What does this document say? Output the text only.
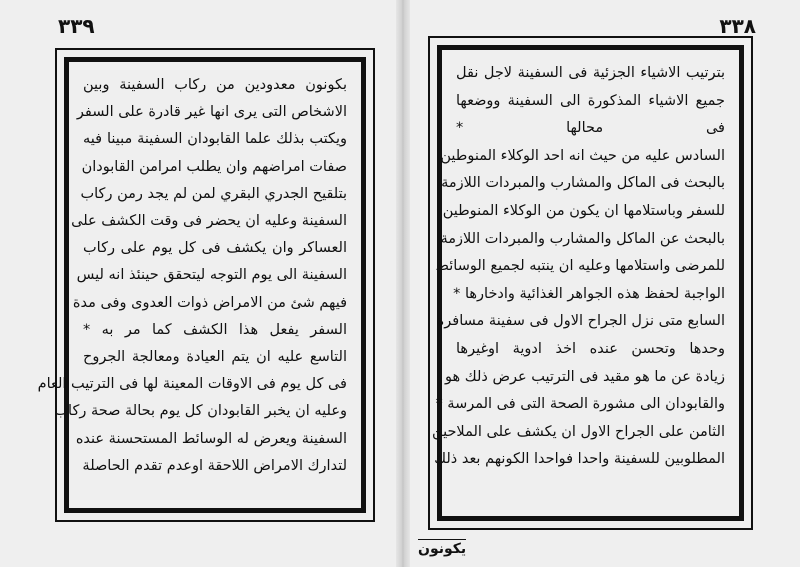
٣٣٩
بكونون معدودين من ركاب السفينة وبين
الاشخاص التى يرى انها غير قادرة على السفر
ويكتب بذلك علما القابودان السفينة مبينا فيه
صفات امراضهم وان يطلب امرامن القابودان
بتلقيح الجدري البقري لمن لم يجد رمن ركاب
السفينة وعليه ان يحضر فى وقت الكشف على
العساكر وان يكشف فى كل يوم على ركاب
السفينة الى يوم التوجه ليتحقق حينئذ انه ليس
فيهم شئ من الامراض ذوات العدوى وفى مدة
السفر يفعل هذا الكشف كما مر به *
التاسع عليه ان يتم العيادة ومعالجة الجروح
فى كل يوم فى الاوقات المعينة لها فى الترتيب العام
وعليه ان يخبر القابودان كل يوم بحالة صحة ركاب
السفينة ويعرض له الوسائط المستحسنة عنده
لتدارك الامراض اللاحقة اوعدم تقدم الحاصلة
٣٣٨
بترتيب الاشياء الجزئية فى السفينة لاجل نقل
جميع الاشياء المذكورة الى السفينة ووضعها
فى محالها *
السادس عليه من حيث انه احد الوكلاء المنوطين
بالبحث فى الماكل والمشارب والمبردات اللازمة
للسفر وباستلامها ان يكون من الوكلاء المنوطين
بالبحث عن الماكل والمشارب والمبردات اللازمة
للمرضى واستلامها وعليه ان ينتبه لجميع الوسائط
الواجبة لحفظ هذه الجواهر الغذائية وادخارها *
السابع متى نزل الجراح الاول فى سفينة مسافرة
وحدها وتحسن عنده اخذ ادوية اوغيرها
زيادة عن ما هو مقيد فى الترتيب عرض ذلك هو
والقابودان الى مشورة الصحة التى فى المرسة *
الثامن على الجراح الاول ان يكشف على الملاحين
المطلوبين للسفينة واحدا فواحدا الكونهم بعد ذلك
يكونون
